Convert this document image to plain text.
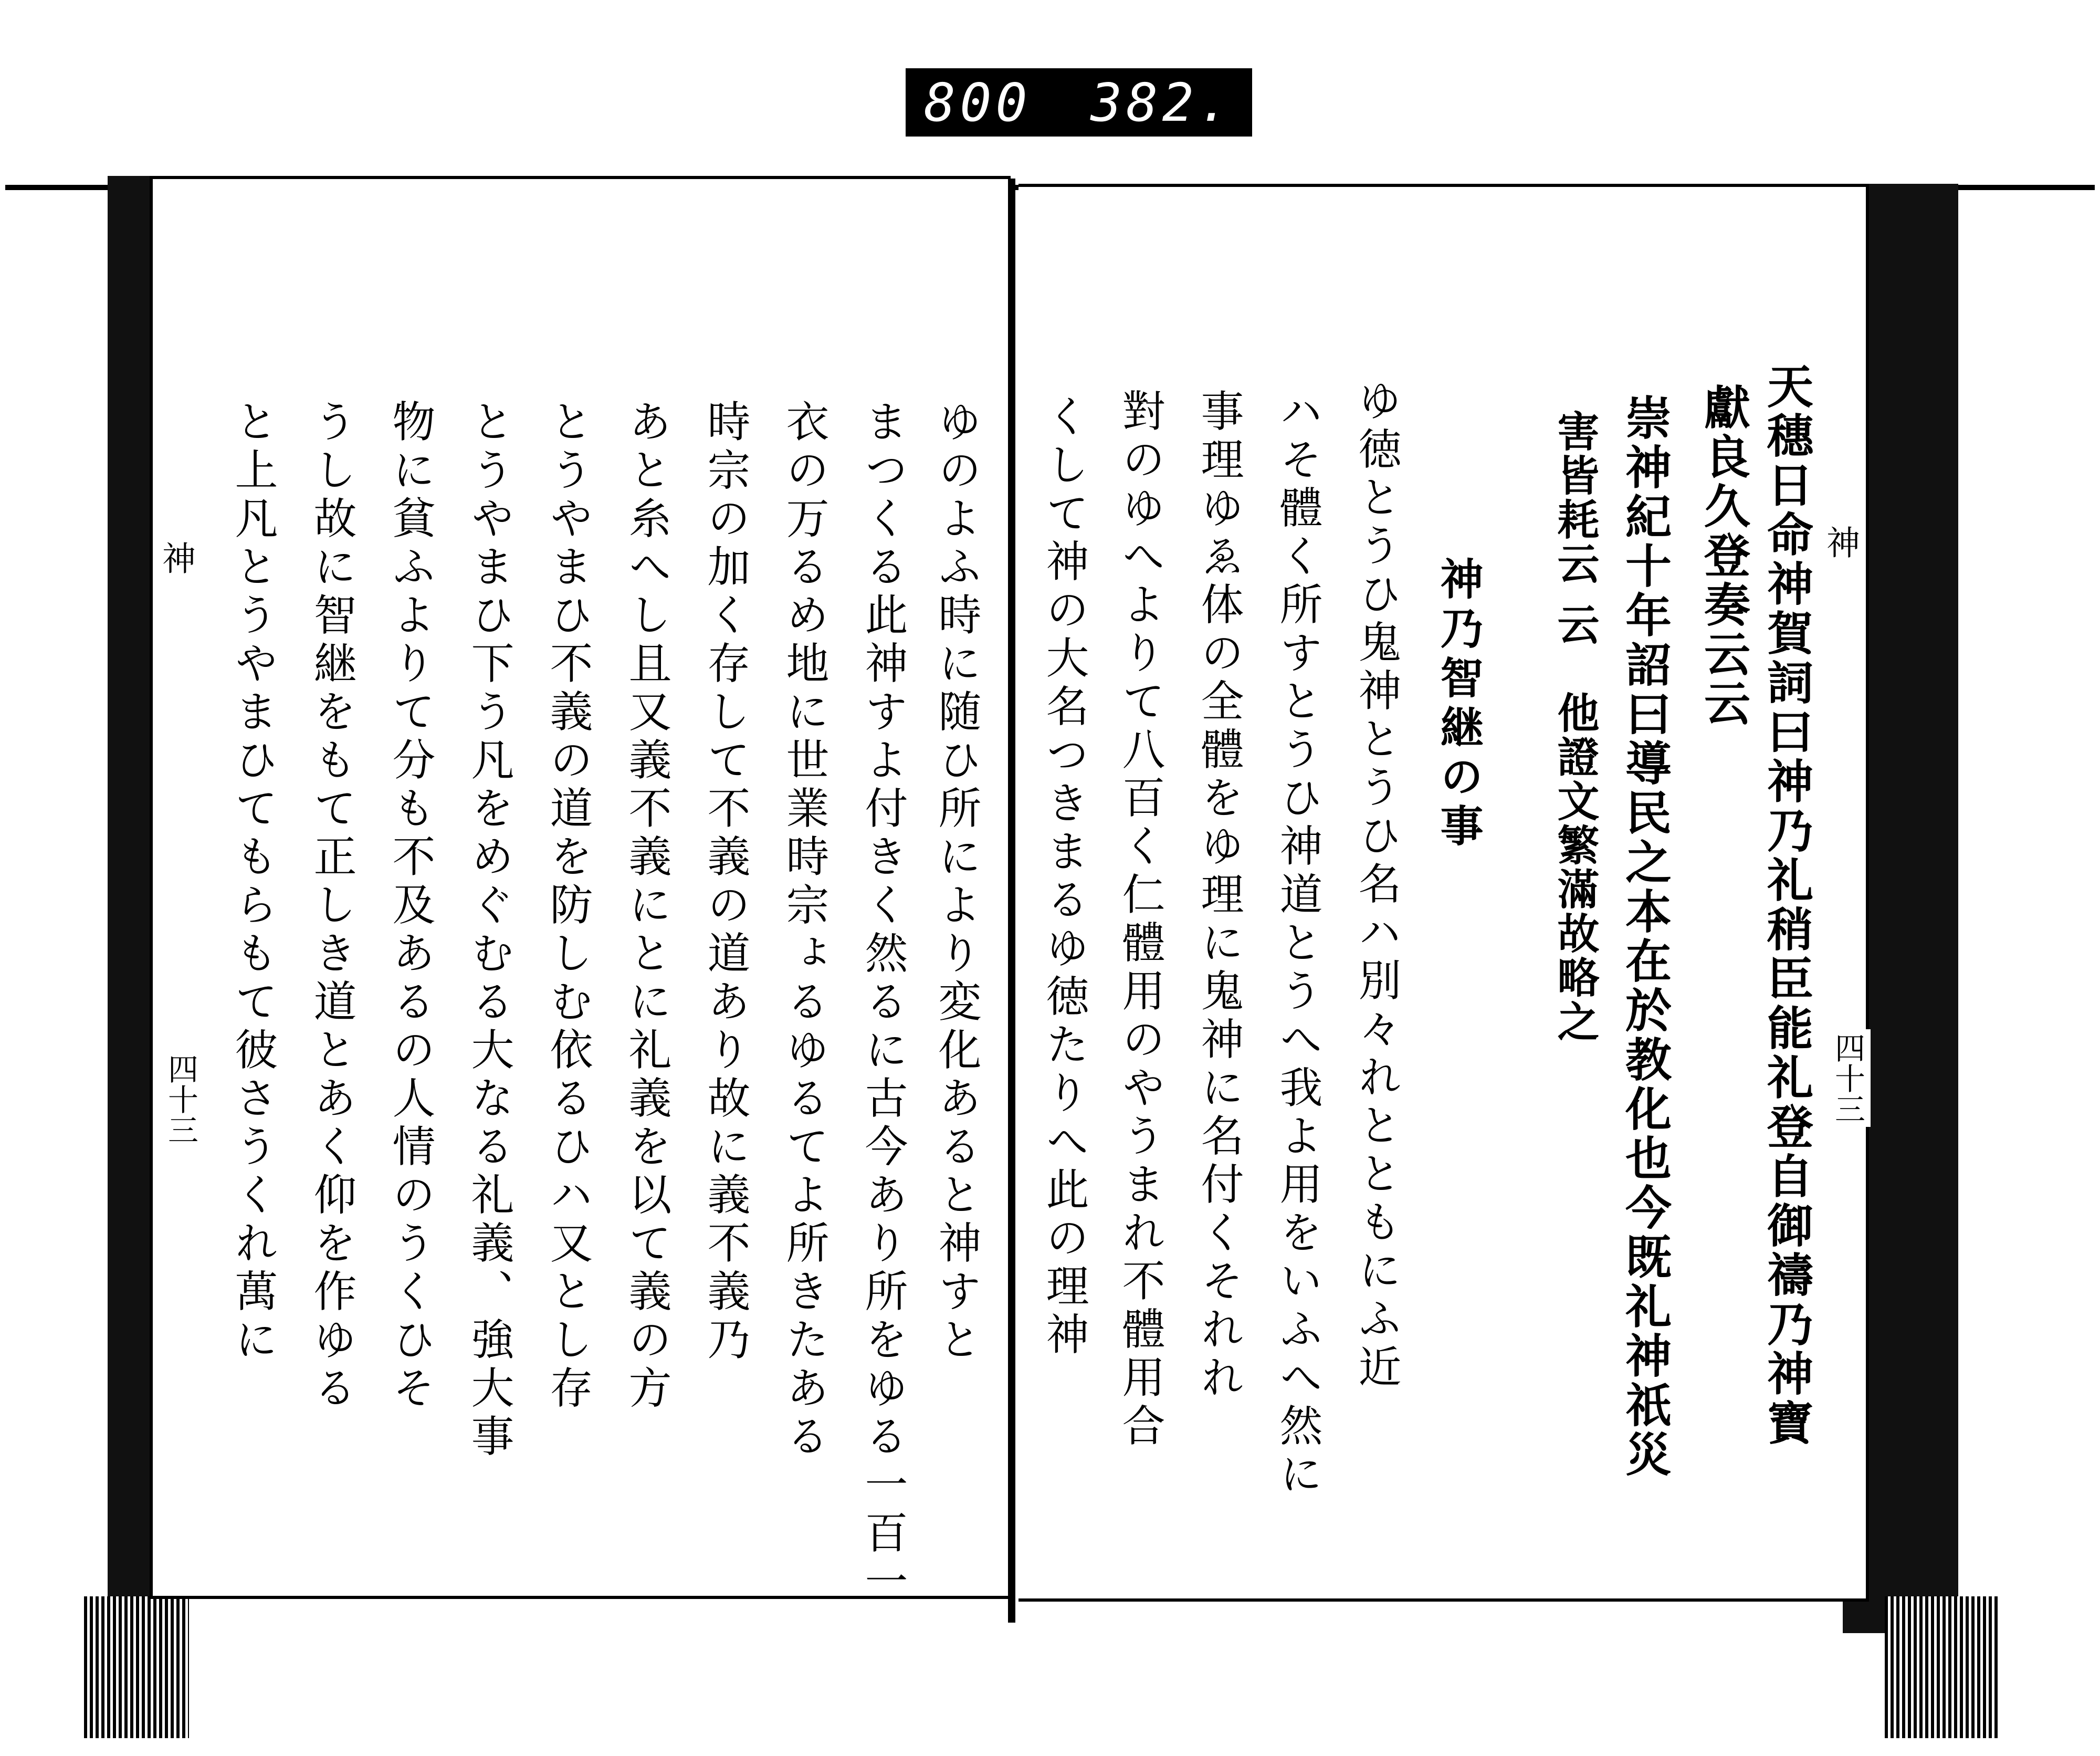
800 382.
神	神
四十三	四十三
天穗日命神賀詞曰神乃礼稍臣能礼登自御禱乃神寶
獻良久登奏云云
崇神紀十年詔曰導民之本在於教化也今既礼神祇災
害皆耗云 云　他證文繁滿故略之
神乃智継の事
ゆ徳とうひ鬼神とうひ名ハ別々れとともにふ近
ハそ體く所すとうひ神道とうへ我よ用をいふへ然に
事理ゆゑ体の全體をゆ理に鬼神に名付くそれれ
對のゆへよりて八百く仁體用のやうまれ不體用合
くして神の大名つきまるゆ徳たりへ此の理神
ゆのよふ時に随ひ所により変化あると神すと
まつくる此神すよ付きく然るに古今あり所をゆる一百一
衣の万るめ地に世業時宗ょるゆるてよ所きたある
時宗の加く存して不義の道あり故に義不義乃
あと糸へし且又義不義にとに礼義を以て義の方
とうやまひ不義の道を防しむ依るひハ又とし存
とうやまひ下う凡をめぐむる大なる礼義、強大事
物に貧ふよりて分も不及あるの人情のうくひそ
うし故に智継をもて正しき道とあく仰を作ゆる
と上凡とうやまひてもらもて彼さうくれ萬に
